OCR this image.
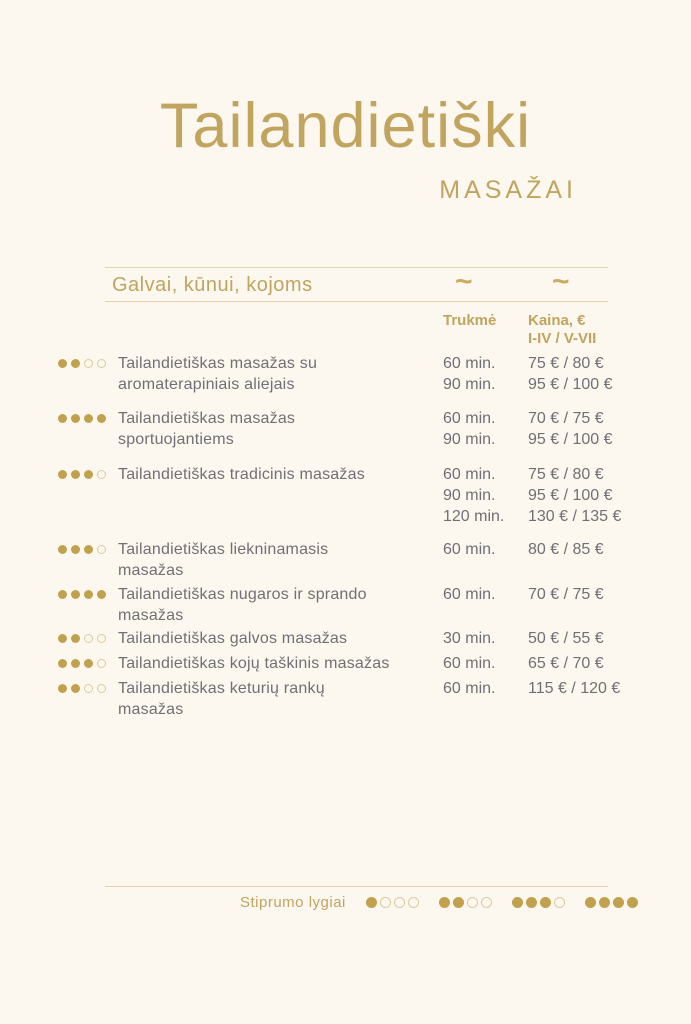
Tailandietiški
MASAŽAI
Galvai, kūnui, kojoms	~	~
Trukmė Kaina, €
I-IV / V-VII
Tailandietiškas masažas su
aromaterapiniais aliejais
60 min.	75 € / 80 €
90 min.	95 € / 100 €
Tailandietiškas masažas
sportuojantiems
60 min.	70 € / 75 €
90 min.	95 € / 100 €
Tailandietiškas tradicinis masažas	60 min.	75 € / 80 €
90 min.	95 € / 100 €
120 min.	130 € / 135 €
Tailandietiškas liekninamasis
masažas
60 min.	80 € / 85 €
Tailandietiškas nugaros ir sprando
masažas
60 min.	70 € / 75 €
Tailandietiškas galvos masažas	30 min.	50 € / 55 €
Tailandietiškas kojų taškinis masažas	60 min.	65 € / 70 €
Tailandietiškas keturių rankų
masažas
60 min.	115 € / 120 €
Stiprumo lygiai
